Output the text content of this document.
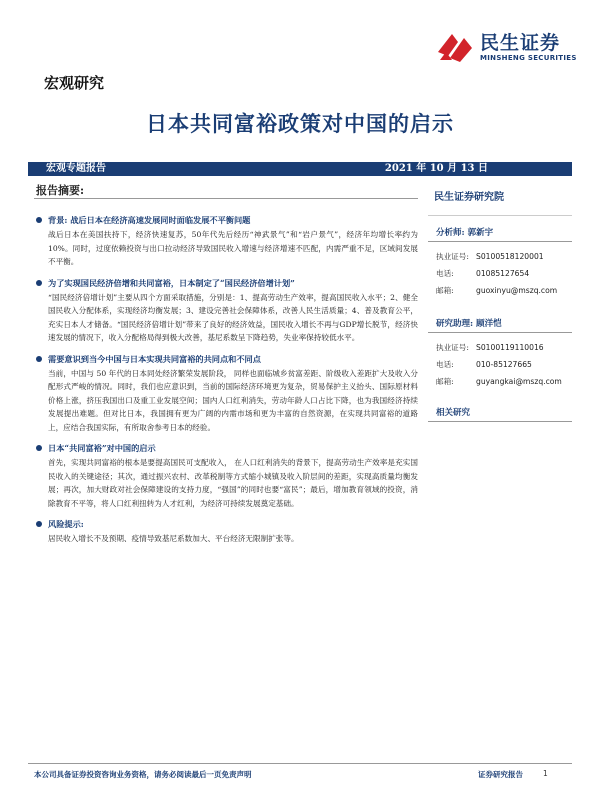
民生证券
MINSHENG SECURITIES
宏观研究
日本共同富裕政策对中国的启示
宏观专题报告	2021 年 10 月 13 日
报告摘要:
背景: 战后日本在经济高速发展同时面临发展不平衡问题
战后日本在美国扶持下，经济快速复苏，50年代先后经历“神武景气”和“岩户景气”，经济年均增长率约为10%。同时，过度依赖投资与出口拉动经济导致国民收入增速与经济增速不匹配，内需严重不足，区域间发展不平衡。
为了实现国民经济倍增和共同富裕，日本制定了“国民经济倍增计划”
“国民经济倍增计划”主要从四个方面采取措施，分别是：1、提高劳动生产效率，提高国民收入水平；2、健全国民收入分配体系，实现经济均衡发展；3、建设完善社会保障体系，改善人民生活质量；4、普及教育公平，充实日本人才储备。“国民经济倍增计划”带来了良好的经济效益，国民收入增长不再与GDP增长脱节，经济快速发展的情况下，收入分配格局得到极大改善，基尼系数呈下降趋势，失业率保持较低水平。
需要意识到当今中国与日本实现共同富裕的共同点和不同点
当前，中国与 50 年代的日本同处经济繁荣发展阶段， 同样也面临城乡贫富差距、阶级收入差距扩大及收入分配形式严峻的情况。同时，我们也应意识到，当前的国际经济环境更为复杂，贸易保护主义抬头、国际原材料价格上涨，挤压我国出口及重工业发展空间；国内人口红利消失，劳动年龄人口占比下降，也为我国经济持续发展提出难题。但对比日本，我国拥有更为广阔的内需市场和更为丰富的自然资源，在实现共同富裕的道路上，应结合我国实际，有所取舍参考日本的经验。
日本“共同富裕”对中国的启示
首先，实现共同富裕的根本是要提高国民可支配收入， 在人口红利消失的背景下，提高劳动生产效率是充实国民收入的关键途径；其次，通过振兴农村、改革税制等方式缩小城镇及收入阶层间的差距，实现高质量均衡发展；再次，加大财政对社会保障建设的支持力度，“强国”的同时也要“富民”；最后，增加教育领域的投资，消除教育不平等，将人口红利扭转为人才红利，为经济可持续发展奠定基础。
风险提示:
居民收入增长不及预期、疫情导致基尼系数加大、平台经济无限制扩张等。
民生证券研究院
分析师: 郭新宇
执业证号: S0100518120001
电话:	01085127654
邮箱:	guoxinyu@mszq.com
研究助理: 顾洋恺
执业证号: S0100119110016
电话:	010-85127665
邮箱:	guyangkai@mszq.com
相关研究
本公司具备证券投资咨询业务资格，请务必阅读最后一页免责声明	证券研究报告	1
